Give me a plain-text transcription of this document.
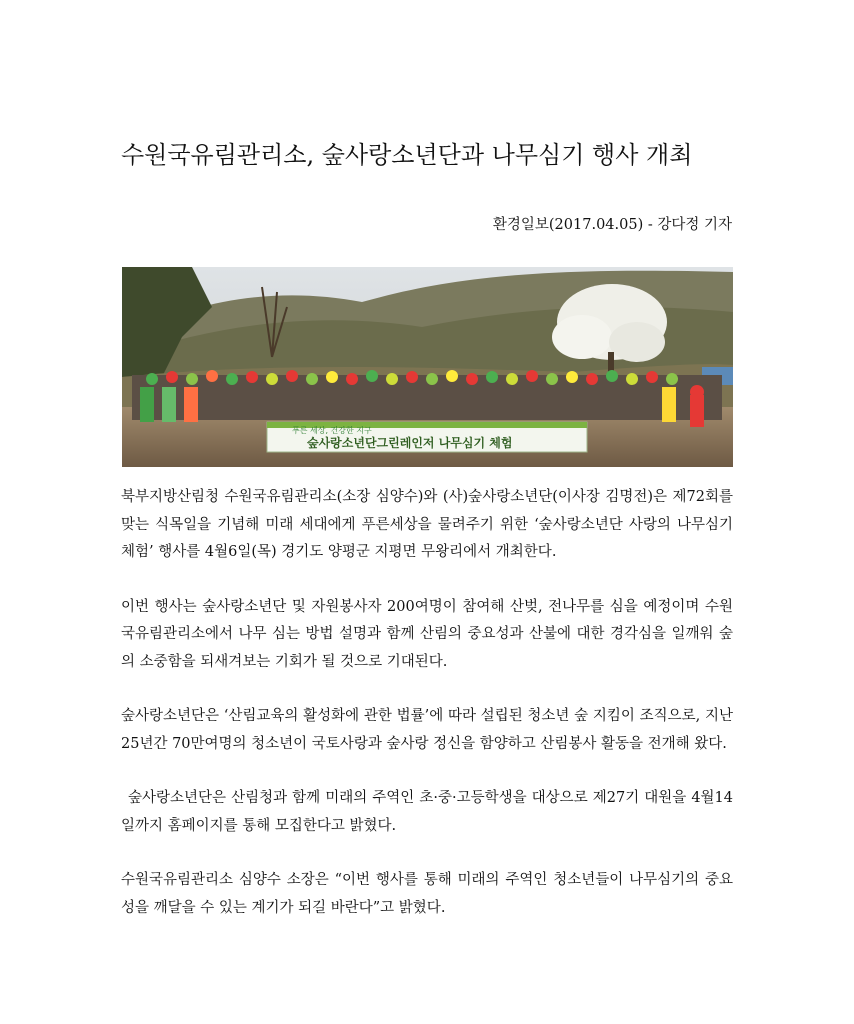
수원국유림관리소, 숲사랑소년단과 나무심기 행사 개최
환경일보(2017.04.05) - 강다정 기자
푸른 세상, 건강한 지구
숲사랑소년단그린레인저 나무심기 체험

북부지방산림청 수원국유림관리소(소장 심양수)와 (사)숲사랑소년단(이사장 김명전)은 제72회를 맞는 식목일을 기념해 미래 세대에게 푸른세상을 물려주기 위한 ‘숲사랑소년단 사랑의 나무심기 체험’ 행사를 4월6일(목) 경기도 양평군 지평면 무왕리에서 개최한다.

이번 행사는 숲사랑소년단 및 자원봉사자 200여명이 참여해 산벚, 전나무를 심을 예정이며 수원국유림관리소에서 나무 심는 방법 설명과 함께 산림의 중요성과 산불에 대한 경각심을 일깨워 숲의 소중함을 되새겨보는 기회가 될 것으로 기대된다.

숲사랑소년단은 ‘산림교육의 활성화에 관한 법률’에 따라 설립된 청소년 숲 지킴이 조직으로, 지난 25년간 70만여명의 청소년이 국토사랑과 숲사랑 정신을 함양하고 산림봉사 활동을 전개해 왔다.

숲사랑소년단은 산림청과 함께 미래의 주역인 초·중·고등학생을 대상으로 제27기 대원을 4월14일까지 홈페이지를 통해 모집한다고 밝혔다.

수원국유림관리소 심양수 소장은 “이번 행사를 통해 미래의 주역인 청소년들이 나무심기의 중요성을 깨달을 수 있는 계기가 되길 바란다”고 밝혔다.
